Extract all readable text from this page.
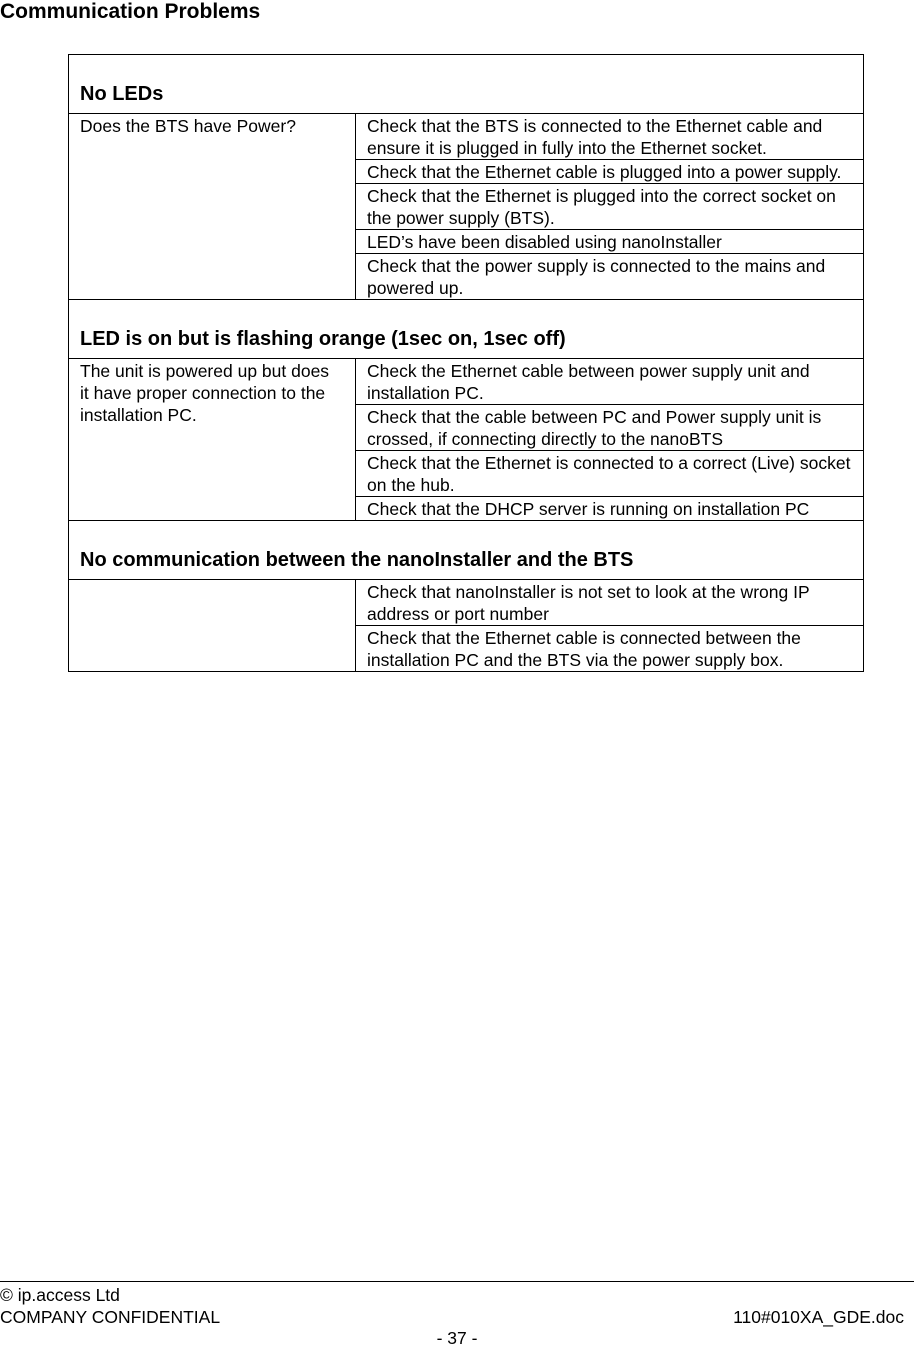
Communication Problems
No LEDs	
Does the BTS have Power?	Check that the BTS is connected to the Ethernet cable and ensure it is plugged in fully into the Ethernet socket.
	Check that the Ethernet cable is plugged into a power supply.
	Check that the Ethernet is plugged into the correct socket on the power supply (BTS).
	LED’s have been disabled using nanoInstaller
	Check that the power supply is connected to the mains and powered up.
LED is on but is flashing orange (1sec on, 1sec off)	
The unit is powered up but does it have proper connection to the installation PC.	Check the Ethernet cable between power supply unit and installation PC.
	Check that the cable between PC and Power supply unit is crossed, if connecting directly to the nanoBTS
	Check that the Ethernet is connected to a correct (Live) socket on the hub.
	Check that the DHCP server is running on installation PC
No communication between the nanoInstaller and the BTS	
	Check that nanoInstaller is not set to look at the wrong IP address or port number
	Check that the Ethernet cable is connected between the installation PC and the BTS via the power supply box.
© ip.access Ltd
COMPANY CONFIDENTIAL	110#010XA_GDE.doc
- 37 -
